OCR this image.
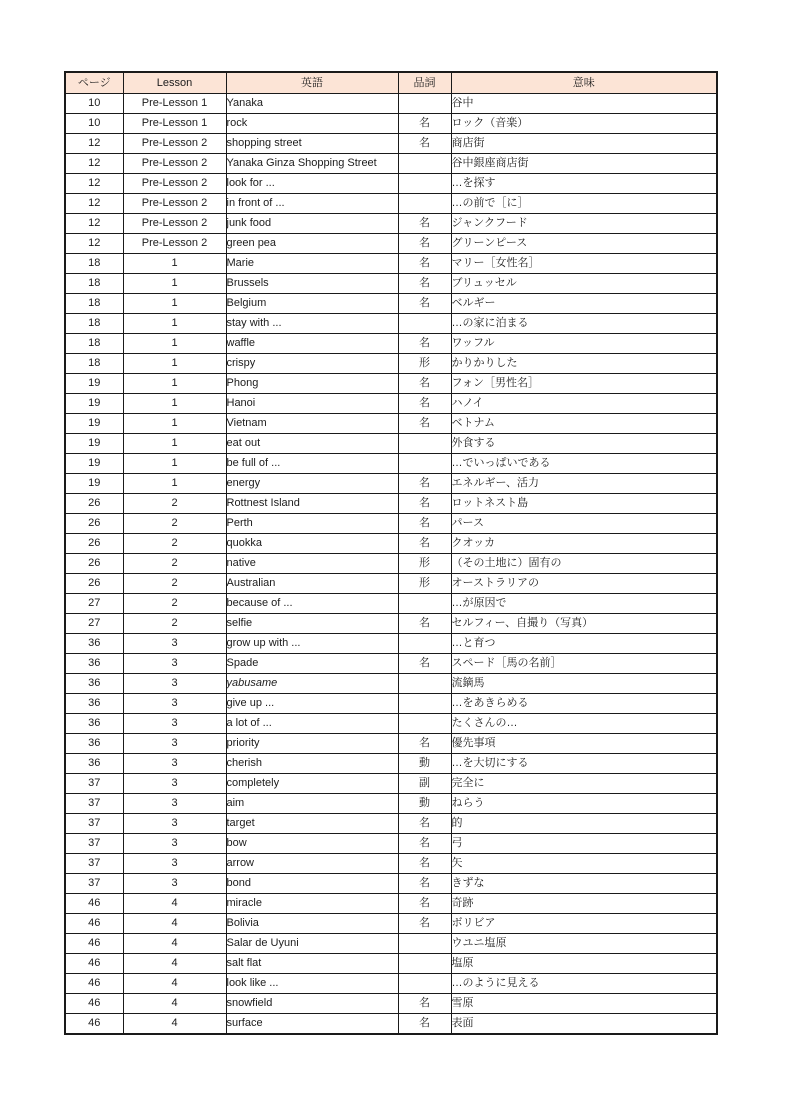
ページ	Lesson	英語	品詞	意味
10	Pre-Lesson 1	Yanaka		谷中
10	Pre-Lesson 1	rock	名	ロック（音楽）
12	Pre-Lesson 2	shopping street	名	商店街
12	Pre-Lesson 2	Yanaka Ginza Shopping Street		谷中銀座商店街
12	Pre-Lesson 2	look for ...		…を探す
12	Pre-Lesson 2	in front of ...		…の前で［に］
12	Pre-Lesson 2	junk food	名	ジャンクフード
12	Pre-Lesson 2	green pea	名	グリーンピース
18	1	Marie	名	マリー［女性名］
18	1	Brussels	名	ブリュッセル
18	1	Belgium	名	ベルギー
18	1	stay with ...		…の家に泊まる
18	1	waffle	名	ワッフル
18	1	crispy	形	かりかりした
19	1	Phong	名	フォン［男性名］
19	1	Hanoi	名	ハノイ
19	1	Vietnam	名	ベトナム
19	1	eat out		外食する
19	1	be full of ...		…でいっぱいである
19	1	energy	名	エネルギー、活力
26	2	Rottnest Island	名	ロットネスト島
26	2	Perth	名	パース
26	2	quokka	名	クオッカ
26	2	native	形	（その土地に）固有の
26	2	Australian	形	オーストラリアの
27	2	because of ...		…が原因で
27	2	selfie	名	セルフィー、自撮り（写真）
36	3	grow up with ...		…と育つ
36	3	Spade	名	スペード［馬の名前］
36	3	yabusame		流鏑馬
36	3	give up ...		…をあきらめる
36	3	a lot of ...		たくさんの…
36	3	priority	名	優先事項
36	3	cherish	動	…を大切にする
37	3	completely	副	完全に
37	3	aim	動	ねらう
37	3	target	名	的
37	3	bow	名	弓
37	3	arrow	名	矢
37	3	bond	名	きずな
46	4	miracle	名	奇跡
46	4	Bolivia	名	ボリビア
46	4	Salar de Uyuni		ウユニ塩原
46	4	salt flat		塩原
46	4	look like ...		…のように見える
46	4	snowfield	名	雪原
46	4	surface	名	表面
